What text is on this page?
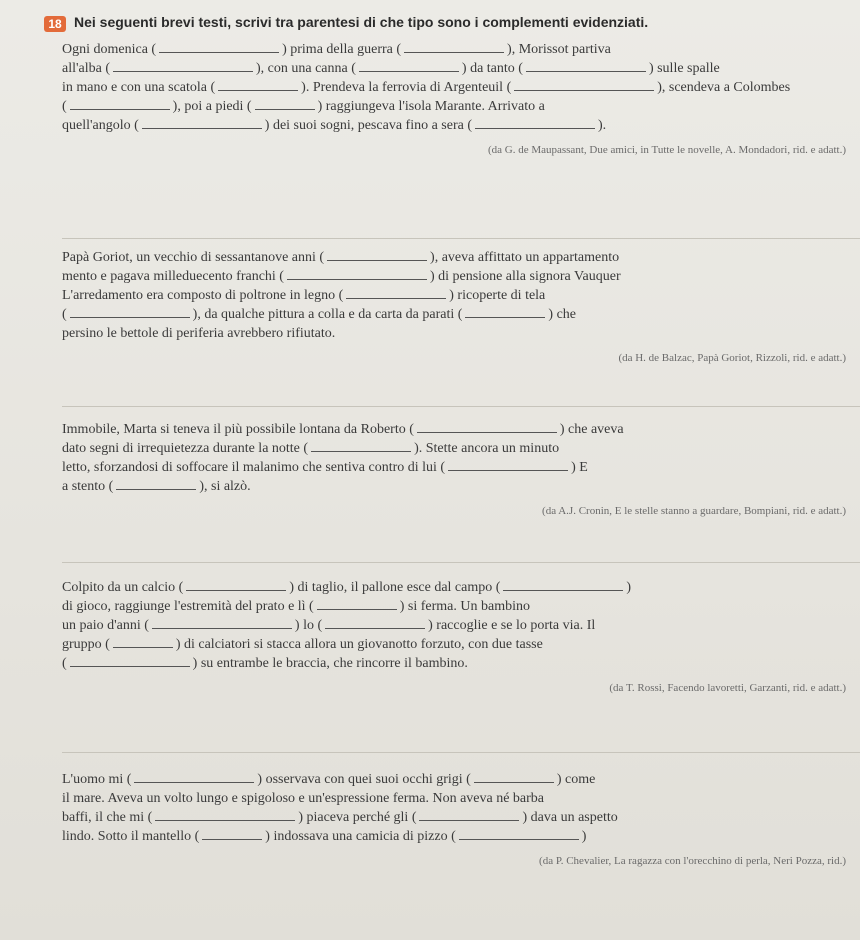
18 Nei seguenti brevi testi, scrivi tra parentesi di che tipo sono i complementi evidenziati.
Ogni domenica (	) prima della guerra (	), Morissot partiva
all'alba (	), con una canna (	) da tanto (	) sulle spalle
in mano e con una scatola (	). Prendeva la ferrovia di Argenteuil (	), scendeva a Colombes
(	), poi a piedi (	) raggiungeva l'isola Marante. Arrivato a
quell'angolo (	) dei suoi sogni, pescava fino a sera (	).
(da G. de Maupassant, Due amici, in Tutte le novelle, A. Mondadori, rid. e adatt.)
Papà Goriot, un vecchio di sessantanove anni (	), aveva affittato un appartamento
mento e pagava milleduecento franchi (	) di pensione alla signora Vauquer
L'arredamento era composto di poltrone in legno (	) ricoperte di tela
(	), da qualche pittura a colla e da carta da parati (	) che
persino le bettole di periferia avrebbero rifiutato.
(da H. de Balzac, Papà Goriot, Rizzoli, rid. e adatt.)
Immobile, Marta si teneva il più possibile lontana da Roberto (	) che aveva
dato segni di irrequietezza durante la notte (	). Stette ancora un minuto
letto, sforzandosi di soffocare il malanimo che sentiva contro di lui (	) E
a stento (	), si alzò.
(da A.J. Cronin, E le stelle stanno a guardare, Bompiani, rid. e adatt.)
Colpito da un calcio (	) di taglio, il pallone esce dal campo (	)
di gioco, raggiunge l'estremità del prato e lì (	) si ferma. Un bambino
un paio d'anni (	) lo (	) raccoglie e se lo porta via. Il
gruppo (	) di calciatori si stacca allora un giovanotto forzuto, con due tasse
(	) su entrambe le braccia, che rincorre il bambino.
(da T. Rossi, Facendo lavoretti, Garzanti, rid. e adatt.)
L'uomo mi (	) osservava con quei suoi occhi grigi (	) come
il mare. Aveva un volto lungo e spigoloso e un'espressione ferma. Non aveva né barba
baffi, il che mi (	) piaceva perché gli (	) dava un aspetto
lindo. Sotto il mantello (	) indossava una camicia di pizzo (	)
(da P. Chevalier, La ragazza con l'orecchino di perla, Neri Pozza, rid.)
